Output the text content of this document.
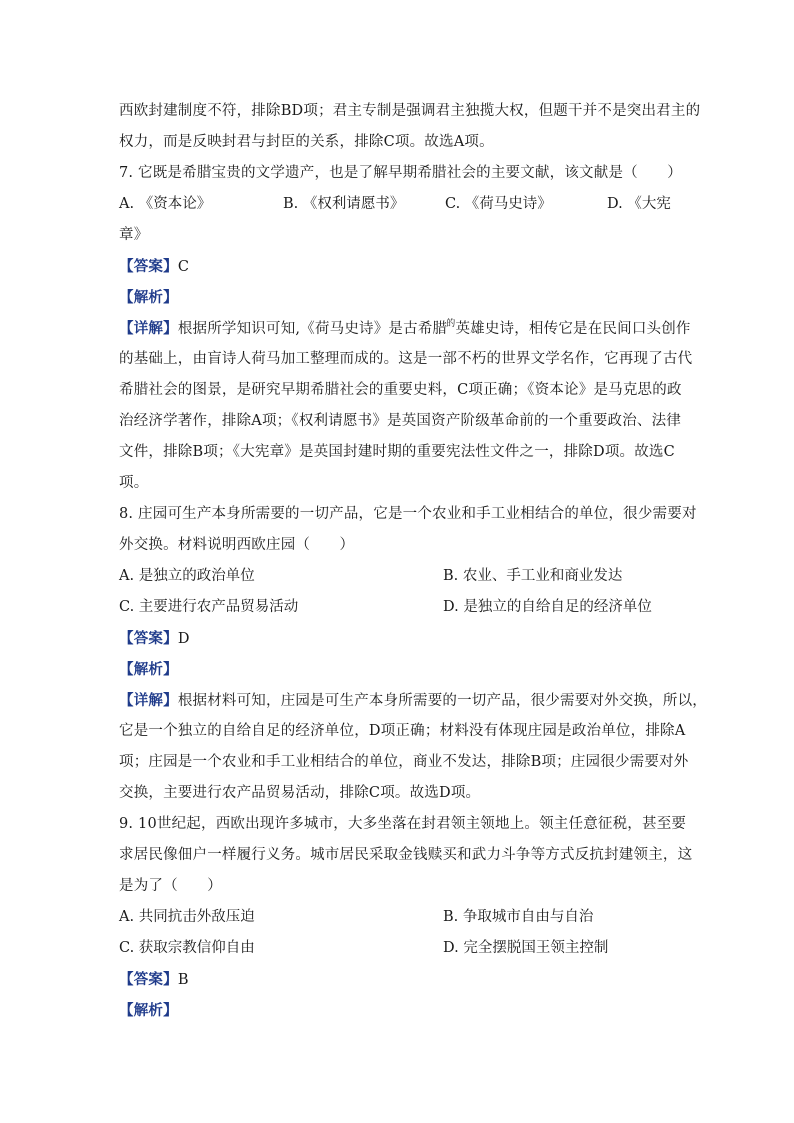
西欧封建制度不符，排除BD项；君主专制是强调君主独揽大权，但题干并不是突出君主的
权力，而是反映封君与封臣的关系，排除C项。故选A项。
7. 它既是希腊宝贵的文学遗产，也是了解早期希腊社会的主要文献，该文献是（　　）
A. 《资本论》	B. 《权利请愿书》	C. 《荷马史诗》	D. 《大宪
章》
【答案】C
【解析】
【详解】根据所学知识可知,《荷马史诗》是古希腊$^的$英雄史诗，相传它是在民间口头创作
的基础上，由盲诗人荷马加工整理而成的。这是一部不朽的世界文学名作，它再现了古代
希腊社会的图景，是研究早期希腊社会的重要史料，C项正确；《资本论》是马克思的政
治经济学著作，排除A项；《权利请愿书》是英国资产阶级革命前的一个重要政治、法律
文件，排除B项；《大宪章》是英国封建时期的重要宪法性文件之一，排除D项。故选C
项。
8. 庄园可生产本身所需要的一切产品，它是一个农业和手工业相结合的单位，很少需要对
外交换。材料说明西欧庄园（　　）
A. 是独立的政治单位	B. 农业、手工业和商业发达
C. 主要进行农产品贸易活动	D. 是独立的自给自足的经济单位
【答案】D
【解析】
【详解】根据材料可知，庄园是可生产本身所需要的一切产品，很少需要对外交换，所以，
它是一个独立的自给自足的经济单位，D项正确；材料没有体现庄园是政治单位，排除A
项；庄园是一个农业和手工业相结合的单位，商业不发达，排除B项；庄园很少需要对外
交换，主要进行农产品贸易活动，排除C项。故选D项。
9. 10世纪起，西欧出现许多城市，大多坐落在封君领主领地上。领主任意征税，甚至要
求居民像佃户一样履行义务。城市居民采取金钱赎买和武力斗争等方式反抗封建领主，这
是为了（　　）
A. 共同抗击外敌压迫	B. 争取城市自由与自治
C. 获取宗教信仰自由	D. 完全摆脱国王领主控制
【答案】B
【解析】
